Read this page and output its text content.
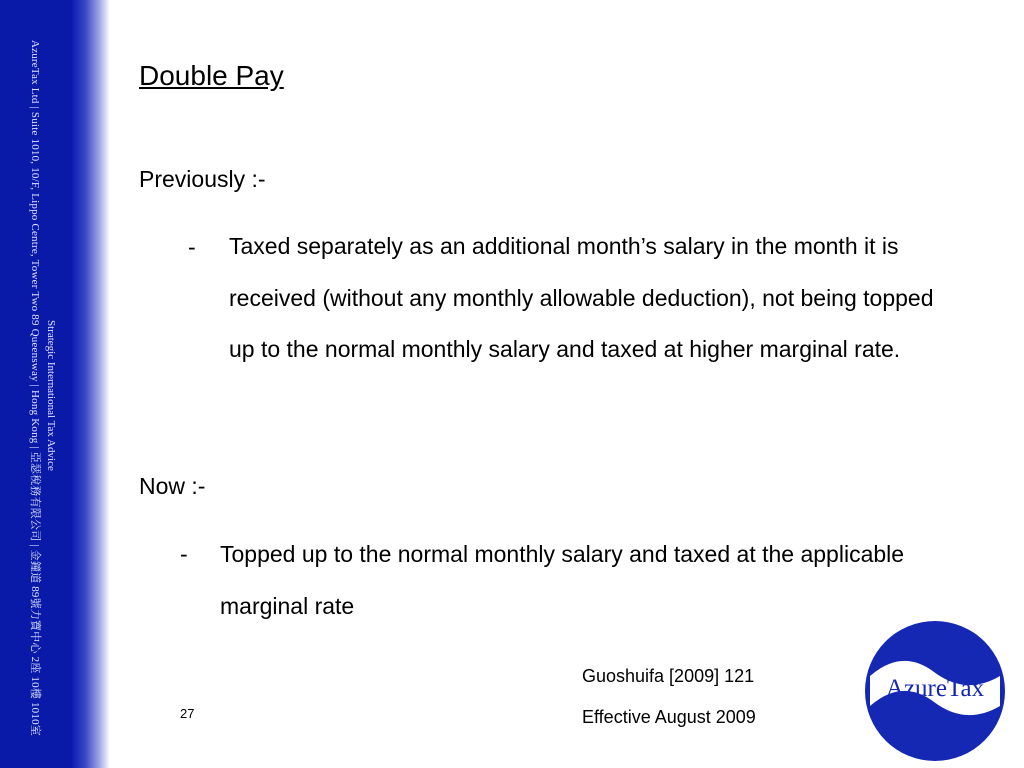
AzureTax Ltd | Suite 1010, 10/F, Lippo Centre, Tower Two 89 Queensway | Hong Kong | 亞瑟稅務有限公司 | 金鐘道 89號力寶中心 2座 10樓 1010室 Strategic International Tax Advice
Double Pay
Previously :-
- Taxed separately as an additional month’s salary in the month it is received (without any monthly allowable deduction), not being topped up to the normal monthly salary and taxed at higher marginal rate.
Now :-
- Topped up to the normal monthly salary and taxed at the applicable marginal rate
Guoshuifa [2009] 121
Effective August 2009
27
AzureTax
